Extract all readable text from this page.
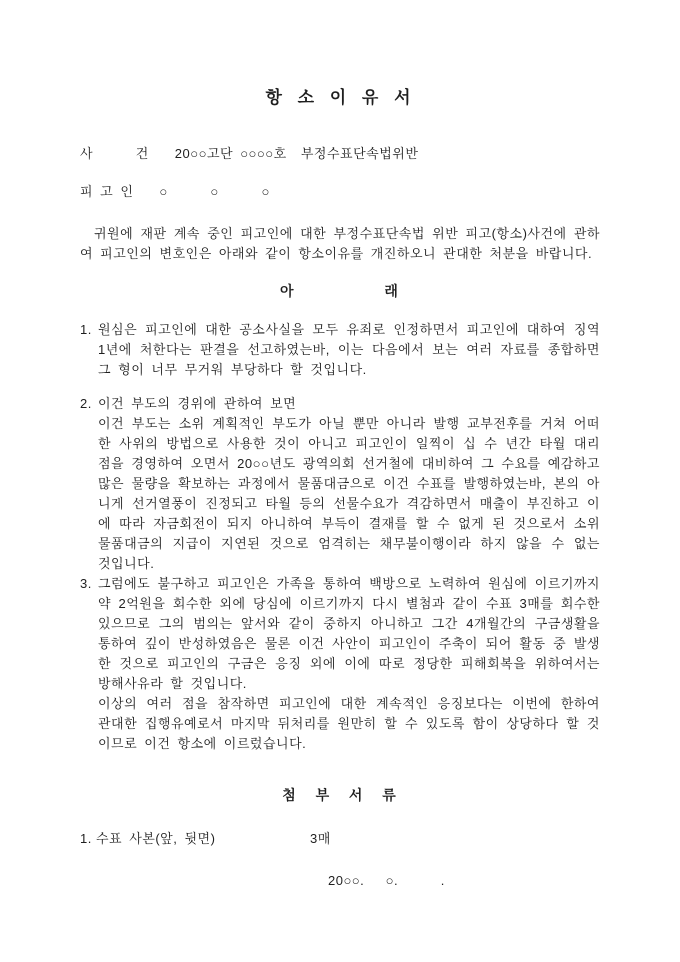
항 소 이 유 서
사      건 20○○고단 ○○○○호  부정수표단속법위반
피 고 인 ○      ○      ○
귀원에 재판 계속 중인 피고인에 대한 부정수표단속법 위반 피고(항소)사건에 관하여 피고인의 변호인은 아래와 같이 항소이유를 개진하오니 관대한 처분을 바랍니다.
아          래
1. 원심은 피고인에 대한 공소사실을 모두 유죄로 인정하면서 피고인에 대하여 징역 1년에 처한다는 판결을 선고하였는바, 이는 다음에서 보는 여러 자료를 종합하면 그 형이 너무 무거워 부당하다 할 것입니다.

2. 이건 부도의 경위에 관하여 보면

이건 부도는 소위 계획적인 부도가 아닐 뿐만 아니라 발행 교부전후를 거쳐 어떠한 사위의 방법으로 사용한 것이 아니고 피고인이 일찍이 십 수 년간 타월 대리점을 경영하여 오면서 20○○년도 광역의회 선거철에 대비하여 그 수요를 예감하고 많은 물량을 확보하는 과정에서 물품대금으로 이건 수표를 발행하였는바, 본의 아니게 선거열풍이 진정되고 타월 등의 선물수요가 격감하면서 매출이 부진하고 이에 따라 자금회전이 되지 아니하여 부득이 결재를 할 수 없게 된 것으로서 소위 물품대금의 지급이 지연된 것으로 엄격히는 채무불이행이라 하지 않을 수 없는 것입니다.

3. 그럼에도 불구하고 피고인은 가족을 통하여 백방으로 노력하여 원심에 이르기까지 약 2억원을 회수한 외에 당심에 이르기까지 다시 별첨과 같이 수표 3매를 회수한 있으므로 그의 범의는 앞서와 같이 중하지 아니하고 그간 4개월간의 구금생활을 통하여 깊이 반성하였음은 물론 이건 사안이 피고인이 주축이 되어 활동 중 발생한 것으로 피고인의 구금은 응징 외에 이에 따로 정당한 피해회복을 위하여서는 방해사유라 할 것입니다.

이상의 여러 점을 참작하면 피고인에 대한 계속적인 응징보다는 이번에 한하여 관대한 집행유예로서 마지막 뒤처리를 원만히 할 수 있도록 함이 상당하다 할 것이므로 이건 항소에 이르렀습니다.

첨  부  서  류
1. 수표 사본(앞, 뒷면)	3매
20○○.   ○.      .
